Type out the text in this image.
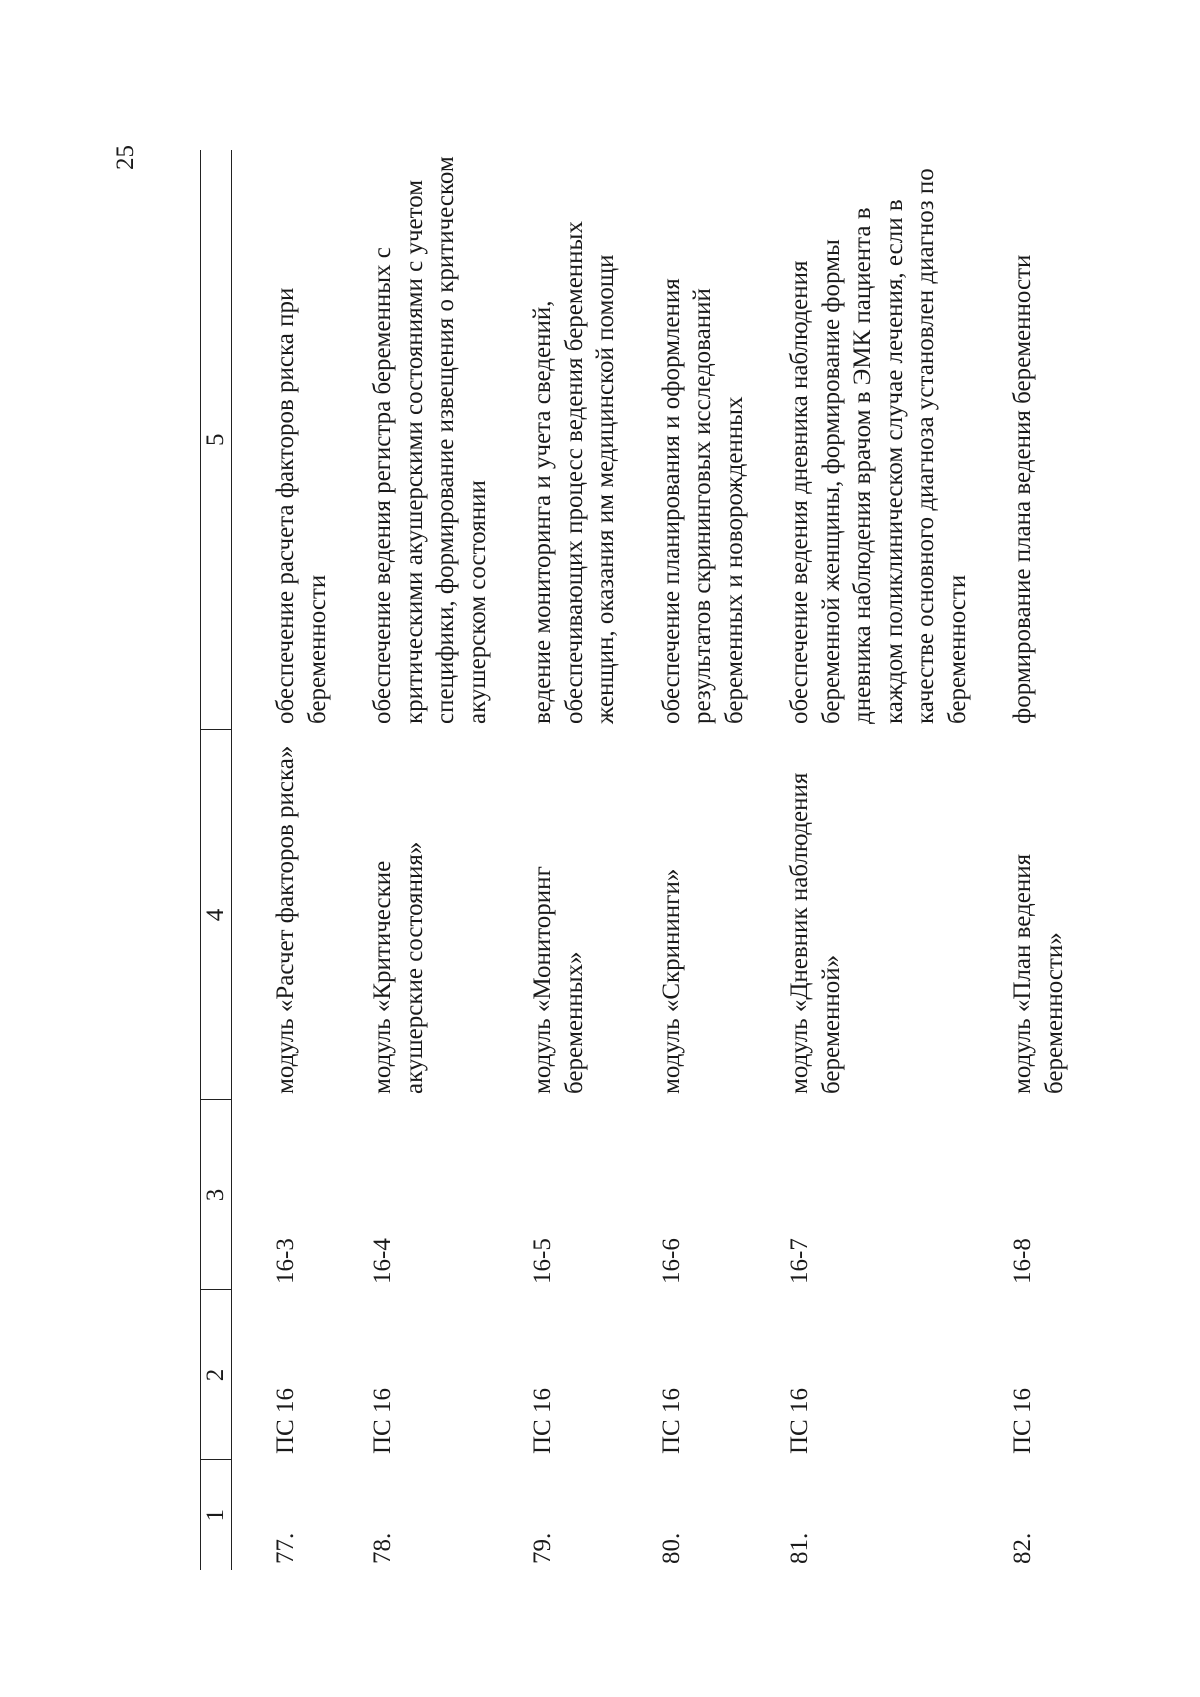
25
1	2	3	4	5
77.	ПС 16	16-3	модуль «Расчет факторов риска»	обеспечение расчета факторов риска при беременности
78.	ПС 16	16-4	модуль «Критические акушерские состояния»	обеспечение ведения регистра беременных с критическими акушерскими состояниями с учетом специфики, формирование извещения о критическом акушерском состоянии
79.	ПС 16	16-5	модуль «Мониторинг беременных»	ведение мониторинга и учета сведений, обеспечивающих процесс ведения беременных женщин, оказания им медицинской помощи
80.	ПС 16	16-6	модуль «Скрининги»	обеспечение планирования и оформления результатов скрининговых исследований беременных и новорожденных
81.	ПС 16	16-7	модуль «Дневник наблюдения беременной»	обеспечение ведения дневника наблюдения беременной женщины, формирование формы дневника наблюдения врачом в ЭМК пациента в каждом поликлиническом случае лечения, если в качестве основного диагноза установлен диагноз по беременности
82.	ПС 16	16-8	модуль «План ведения беременности»	формирование плана ведения беременности
